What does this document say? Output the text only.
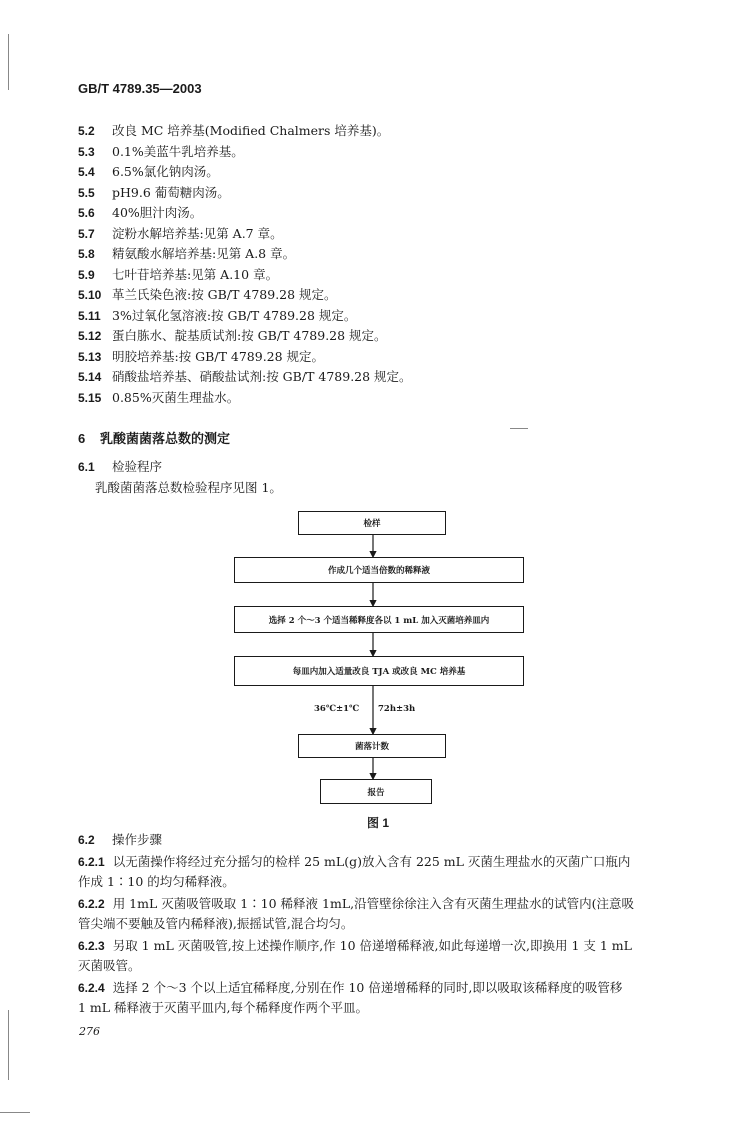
GB/T 4789.35—2003
5.2 改良 MC 培养基(Modified Chalmers 培养基)。
5.3 0.1%美蓝牛乳培养基。
5.4 6.5%氯化钠肉汤。
5.5 pH9.6 葡萄糖肉汤。
5.6 40%胆汁肉汤。
5.7 淀粉水解培养基:见第 A.7 章。
5.8 精氨酸水解培养基:见第 A.8 章。
5.9 七叶苷培养基:见第 A.10 章。
5.10 革兰氏染色液:按 GB/T 4789.28 规定。
5.11 3%过氧化氢溶液:按 GB/T 4789.28 规定。
5.12 蛋白胨水、靛基质试剂:按 GB/T 4789.28 规定。
5.13 明胶培养基:按 GB/T 4789.28 规定。
5.14 硝酸盐培养基、硝酸盐试剂:按 GB/T 4789.28 规定。
5.15 0.85%灭菌生理盐水。
6 乳酸菌菌落总数的测定
6.1 检验程序
乳酸菌菌落总数检验程序见图 1。
检样
作成几个适当倍数的稀释液
选择 2 个～3 个适当稀释度各以 1 mL 加入灭菌培养皿内
每皿内加入适量改良 TJA 或改良 MC 培养基
36℃±1℃ 72h±3h
菌落计数
报告
图 1
6.2 操作步骤
6.2.1 以无菌操作将经过充分摇匀的检样 25 mL(g)放入含有 225 mL 灭菌生理盐水的灭菌广口瓶内
作成 1∶10 的均匀稀释液。
6.2.2 用 1mL 灭菌吸管吸取 1∶10 稀释液 1mL,沿管壁徐徐注入含有灭菌生理盐水的试管内(注意吸
管尖端不要触及管内稀释液),振摇试管,混合均匀。
6.2.3 另取 1 mL 灭菌吸管,按上述操作顺序,作 10 倍递增稀释液,如此每递增一次,即换用 1 支 1 mL
灭菌吸管。
6.2.4 选择 2 个～3 个以上适宜稀释度,分别在作 10 倍递增稀释的同时,即以吸取该稀释度的吸管移
1 mL 稀释液于灭菌平皿内,每个稀释度作两个平皿。
276
